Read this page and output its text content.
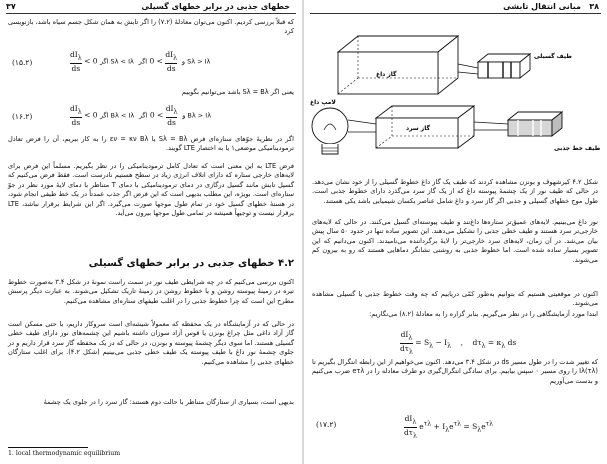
۳۷	خطهای جذبی در برابر خطهای گسیلی
که قبلاً بررسی کردیم. اکنون می‌توان معادلهٔ (۷.۲) را اگر تابش به همان شکل جسم سیاه باشد، بازنویسی کرد
$\frac{dI_\lambda}{ds} < 0$ اگر Sλ < Iλ	و
$\frac{dI_\lambda}{ds}$
> 0 اگر Sλ > Iλ
(۱۵.۲)
یعنی اگر Sλ = Bλ باشد می‌توانیم بگوییم
$\frac{dI_\lambda}{ds} < 0$ اگر Bλ < Iλ	و
$\frac{dI_\lambda}{ds}$
> 0 اگر Bλ > Iλ
(۱۶.۲)
اگر در نظریهٔ جوّهای ستاره‌ای فرض Sλ = Bλ یا εν = κν Bλ را به کار ببریم، آن را فرض تعادل ترمودینامیکی موضعی۱ یا به اختصار LTE گویند.
فرض LTE به این معنی است که تعادل کامل ترمودینامیکی را در نظر بگیریم. مسلماً این فرض برای لایه‌های خارجی ستاره که دارای اتلاف انرژی زیاد در سطح هستیم نادرست است. فقط فرض می‌کنیم که گسیل تابش مانند گسیل درگازی در دمای ترمودینامیکی با دمای T متناظر با دمای لایهٔ مورد نظر در جوّ ستاره‌ای است. بویژه، این مطلب بدیهی است که این فرض اگر جذب عمدتاً در یک خط طیفی انجام شود، در هستهٔ خطهای گسیل خود در تمام طول موجها صورت می‌گیرد. اگر این شرایط برقرار نباشد، LTE برقرار نیست و توجیهاً همیشه در تمامی طول موجها بیرون می‌آید.
۴.۲ خطهای جذبی در برابر خطهای گسیلی
اکنون بررسی می‌کنیم که در چه شرایطی طیف نور در سمت راست نمونهٔ در شکل ۳.۴ به‌صورت خطوط تیره در زمینهٔ پیوسته روشن و یا خطوط روشن در زمینهٔ تاریک تشکیل می‌شوند. به عبارت دیگر پرسش مطرح این است که چرا خطوط جذبی را در اغلب طیفهای ستاره‌ای مشاهده می‌کنیم.
در حالی که در آزمایشگاه در یک محفظه که معمولاً شیشه‌ای است سروکار داریم، یا حتی مسکن است گاز آزاد داغی مثل چراغ بونزن یا قوس آزاد سوزان داشته باشیم این چشمه‌های نور دارای طیف خطی گسیلی هستند. اما سوی دیگر چشمهٔ پیوسته و بونزن، در حالی که در یک محفظه گاز سرد قرار داریم و در جلوی چشمهٔ نور داغ با طیف پیوسته یک طیف خطی جذبی می‌بینیم (شکل ۴.۲). برای اغلب ستارگان خطهای جذبی را مشاهده می‌کنیم.
بدیهی است، بسیاری از ستارگان متناظر با حالت دوم هستند: گاز سرد را در جلوی یک چشمهٔ
1. local thermodynamic equilibrium
۳۸
مبانی انتقال تابشی
گاز داغ
طیف گسیلی
لامپ داغ
گاز سرد
طیف خط جذبی
شکل ۴.۲ کیرشهوف و بونزن مشاهده کردند که طیف یک گاز داغ خطوط گسیلی را از خود نشان می‌دهد. در حالی که طیف نور از یک چشمهٔ پیوسته داغ که از یک گاز سرد می‌گذرد دارای خطوط جذبی است. طول موج خطهای گسیلی و جذبی اگر گاز سرد و داغ شامل عناصر یکسان شیمیایی باشد یکی هستند.
نور داغ می‌بینیم. لایه‌های عمیق‌تر ستاره‌ها داغ‌تند و طیف پیوسته‌ای گسیل می‌کنند. در حالی که لایه‌های خارجی‌تر سرد هستند و طیف خطی جذبی را تشکیل می‌دهند. این تصویر ساده تنها در حدود ۵۰ سال پیش بیان می‌شد. در آن زمان، لایه‌های سرد خارجی‌تر را لایهٔ برگرداننده می‌نامیدند. اکنون می‌دانیم که این تصویر بسیار ساده شده است. اما خطوط جذبی به روشنی نشانگر دماهایی هستند که رو به بیرون کم می‌شوند.
اکنون در موقعیتی هستیم که بتوانیم به‌طور کمّی دریابیم که چه وقت خطوط جذبی یا گسیلی مشاهده می‌شوند.
ابتدا مورد آزمایشگاهی را در نظر می‌گیریم. بنابر گزاره را به معادلهٔ (۸.۲) می‌نگاریم:
$\frac{dI_\lambda}{d\tau_\lambda} = S_\lambda - I_\lambda$    ,    $d\tau_\lambda = \kappa_\lambda$ ds
که تغییر شدت را در طول مسیر ds در شکل ۳.۴ می‌دهد. اکنون می‌خواهیم از این رابطه انتگرال بگیریم تا Iλ(τλ) را روی مسیر ۰ سپس بیابیم. برای سادگی انتگرال‌گیری دو طرف معادله را در eτλ ضرب می‌کنیم و بدست می‌آوریم
$\frac{dI_\lambda}{d\tau_\lambda} e^{\tau\lambda} + I_\lambda e^{\tau\lambda} = S_\lambda e^{\tau\lambda}$
(۱۷.۲)
